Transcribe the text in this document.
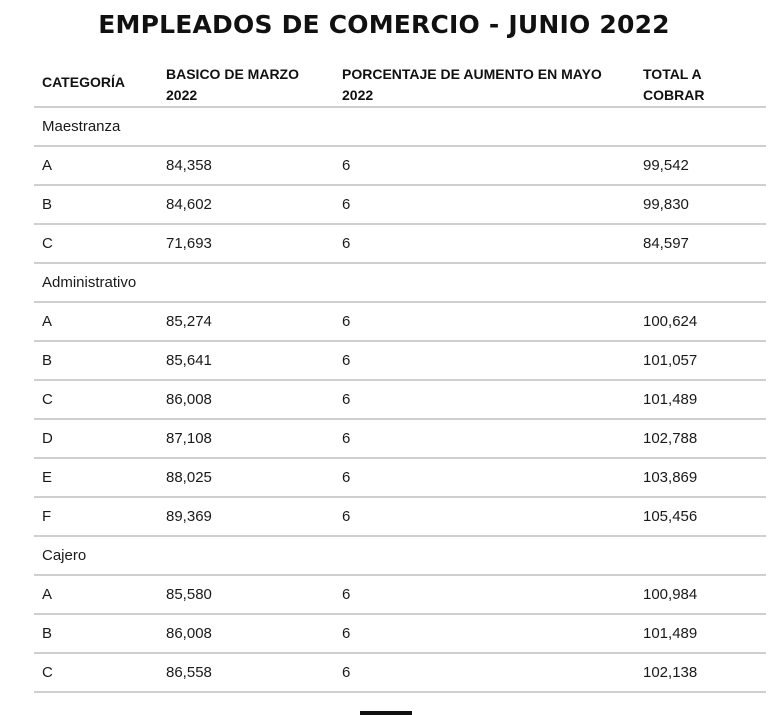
EMPLEADOS DE COMERCIO - JUNIO 2022
CATEGORÍA	BASICO DE MARZO 2022	PORCENTAJE DE AUMENTO EN MAYO 2022	TOTAL A COBRAR
Maestranza			
A	84,358	6	99,542
B	84,602	6	99,830
C	71,693	6	84,597
Administrativo			
A	85,274	6	100,624
B	85,641	6	101,057
C	86,008	6	101,489
D	87,108	6	102,788
E	88,025	6	103,869
F	89,369	6	105,456
Cajero			
A	85,580	6	100,984
B	86,008	6	101,489
C	86,558	6	102,138
